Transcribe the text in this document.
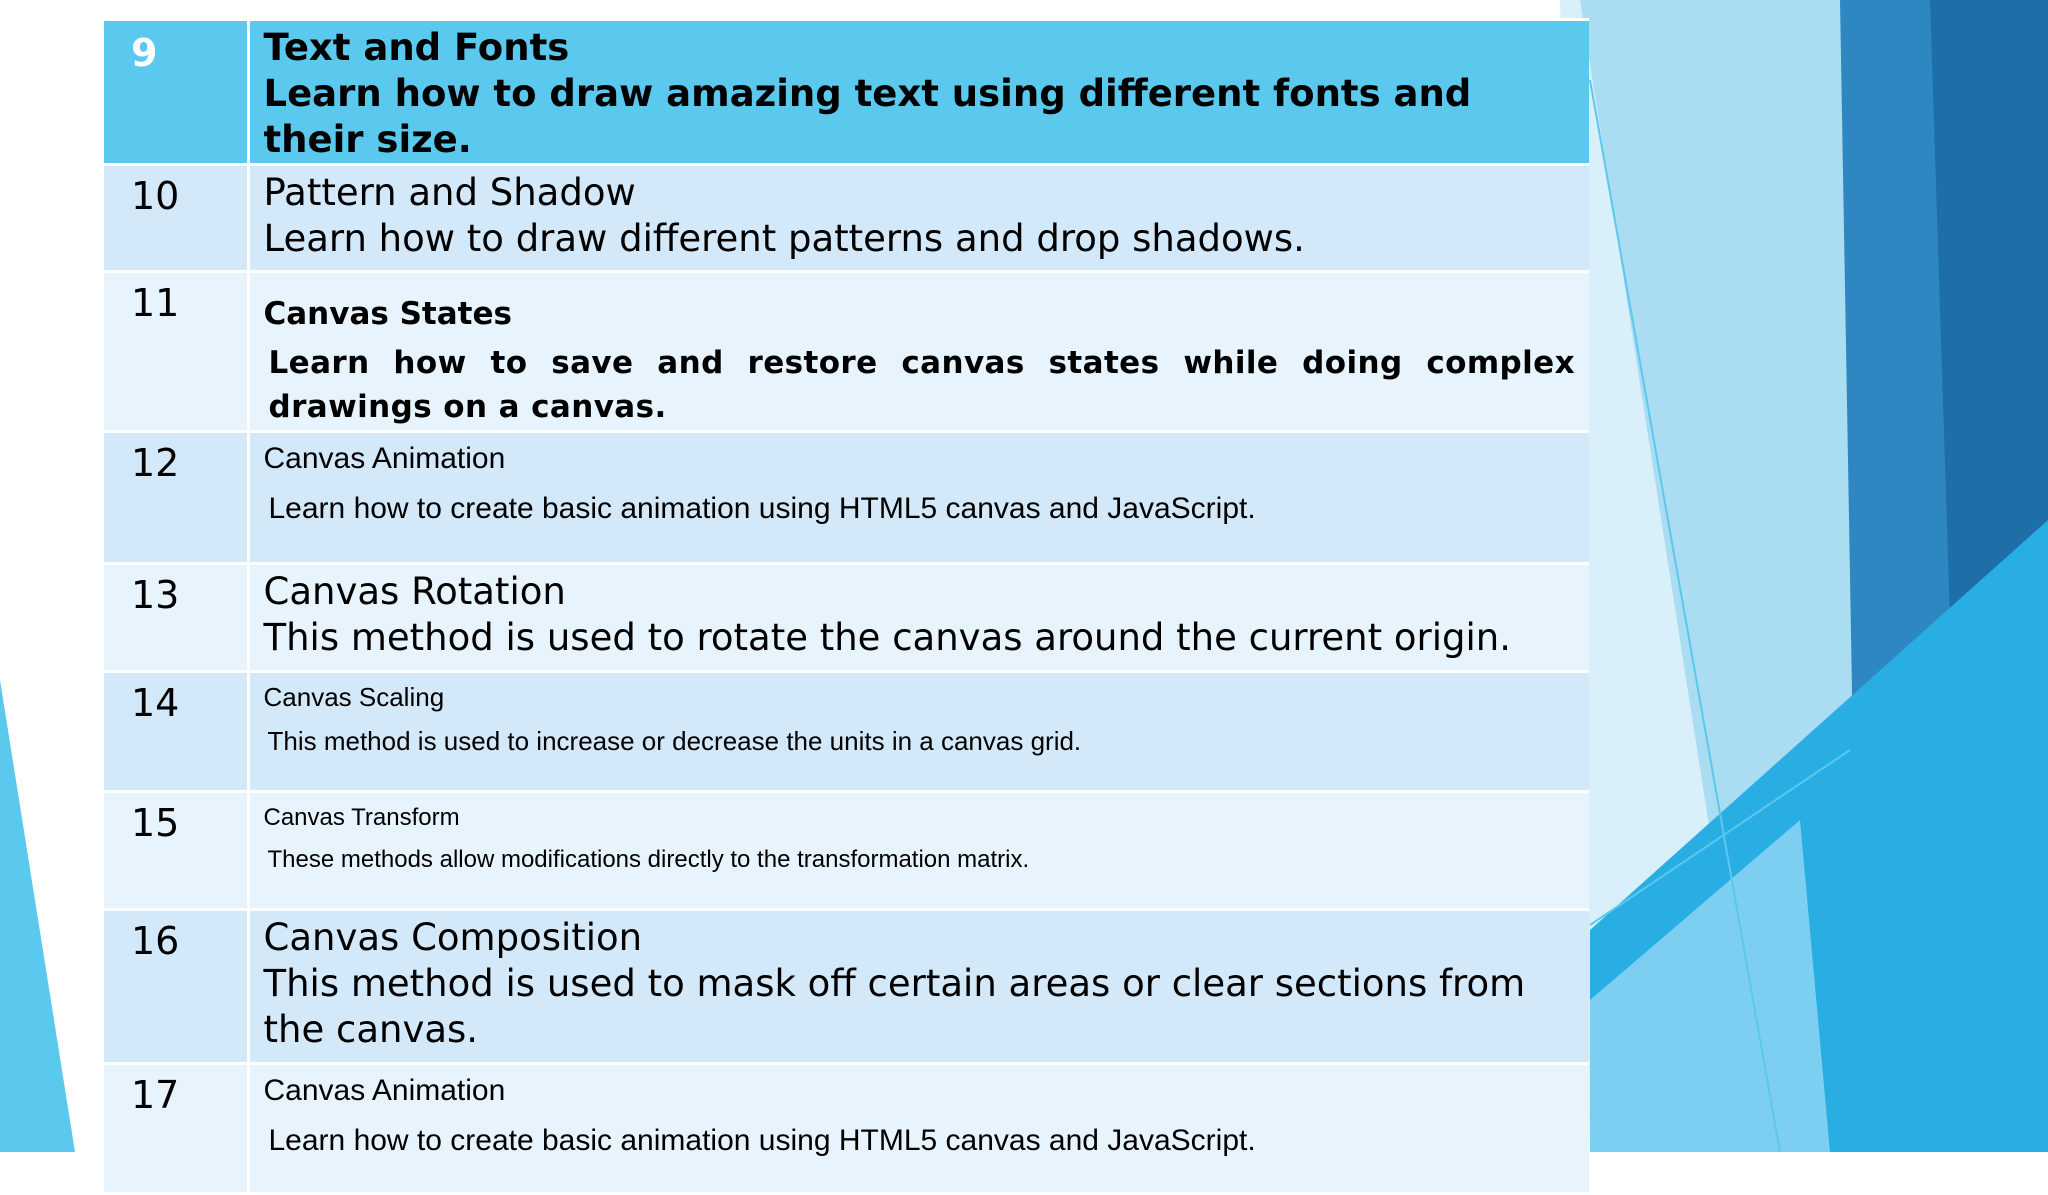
9	Text and Fonts
Learn how to draw amazing text using different fonts and their size.

10	Pattern and Shadow
Learn how to draw different patterns and drop shadows.

11	Canvas States
Learn how to save and restore canvas states while doing complex drawings on a canvas.

12	Canvas Animation
Learn how to create basic animation using HTML5 canvas and JavaScript.

13	Canvas Rotation
This method is used to rotate the canvas around the current origin.

14	Canvas Scaling
This method is used to increase or decrease the units in a canvas grid.

15	Canvas Transform
These methods allow modifications directly to the transformation matrix.

16	Canvas Composition
This method is used to mask off certain areas or clear sections from the canvas.

17	Canvas Animation
Learn how to create basic animation using HTML5 canvas and JavaScript.
